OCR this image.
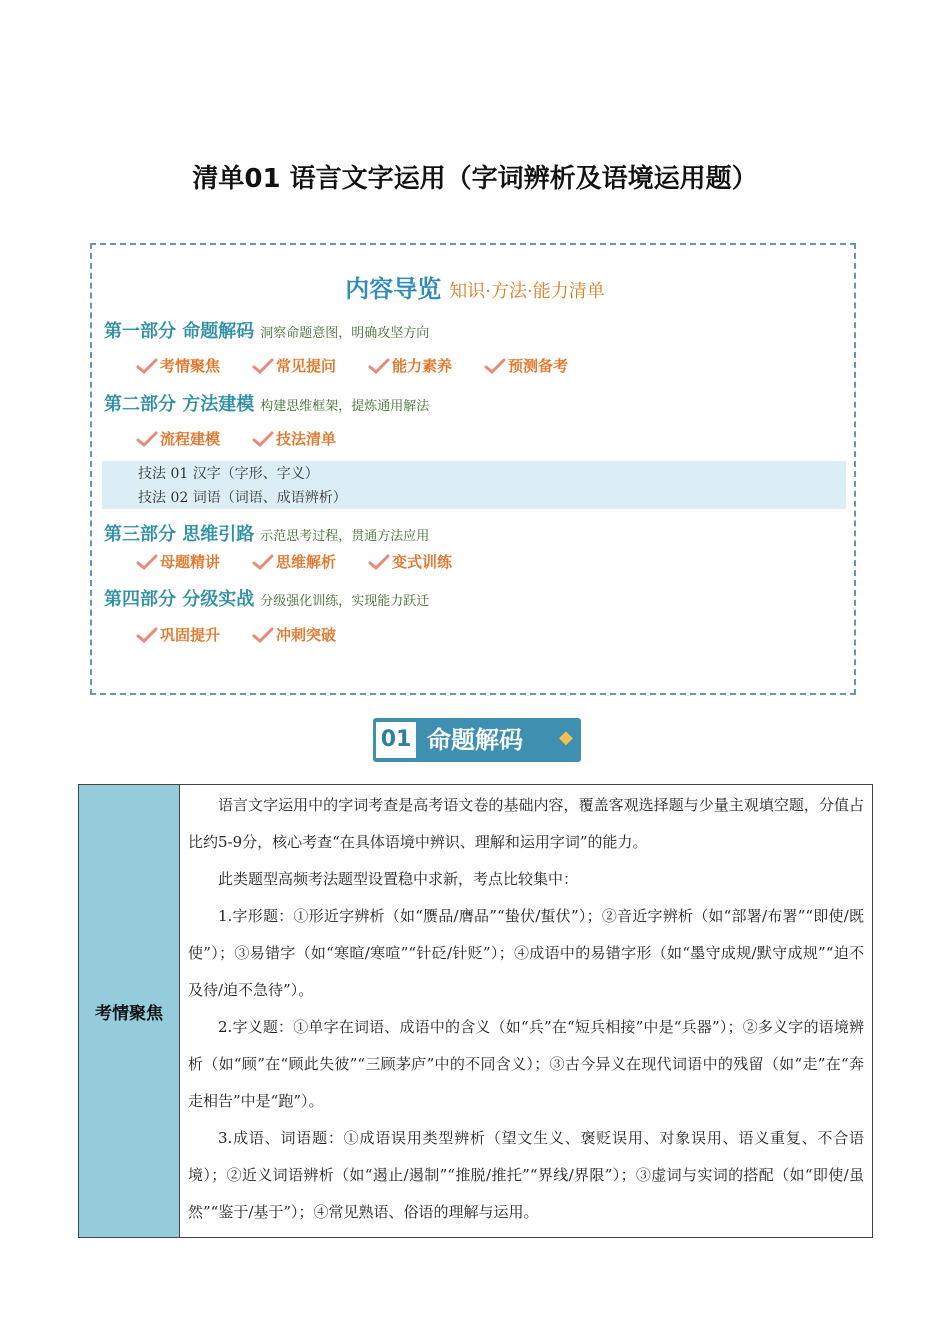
清单01 语言文字运用（字词辨析及语境运用题）
内容导览 知识·方法·能力清单
第一部分 命题解码 洞察命题意图，明确攻坚方向
考情聚焦	常见提问	能力素养	预测备考
第二部分 方法建模 构建思维框架，提炼通用解法
流程建模	技法清单
技法 01 汉字（字形、字义）
技法 02 词语（词语、成语辨析）
第三部分 思维引路 示范思考过程，贯通方法应用
母题精讲	思维解析	变式训练
第四部分 分级实战 分级强化训练，实现能力跃迁
巩固提升	冲刺突破
01 命题解码 ◆
考情聚焦	

语言文字运用中的字词考查是高考语文卷的基础内容，覆盖客观选择题与少量主观填空题，分值占比约5-9分，核心考查“在具体语境中辨识、理解和运用字词”的能力。

此类题型高频考法题型设置稳中求新，考点比较集中：

1.字形题：①形近字辨析（如“赝品/膺品”“蛰伏/蜇伏”）；②音近字辨析（如“部署/布署”“即使/既使”）；③易错字（如“寒暄/寒喧”“针砭/针贬”）；④成语中的易错字形（如“墨守成规/默守成规”“迫不及待/迫不急待”）。

2.字义题：①单字在词语、成语中的含义（如“兵”在“短兵相接”中是“兵器”）；②多义字的语境辨析（如“顾”在“顾此失彼”“三顾茅庐”中的不同含义）；③古今异义在现代词语中的残留（如“走”在“奔走相告”中是“跑”）。

3.成语、词语题：①成语误用类型辨析（望文生义、褒贬误用、对象误用、语义重复、不合语境）；②近义词语辨析（如“遏止/遏制”“推脱/推托”“界线/界限”）；③虚词与实词的搭配（如“即使/虽然”“鉴于/基于”）；④常见熟语、俗语的理解与运用。
